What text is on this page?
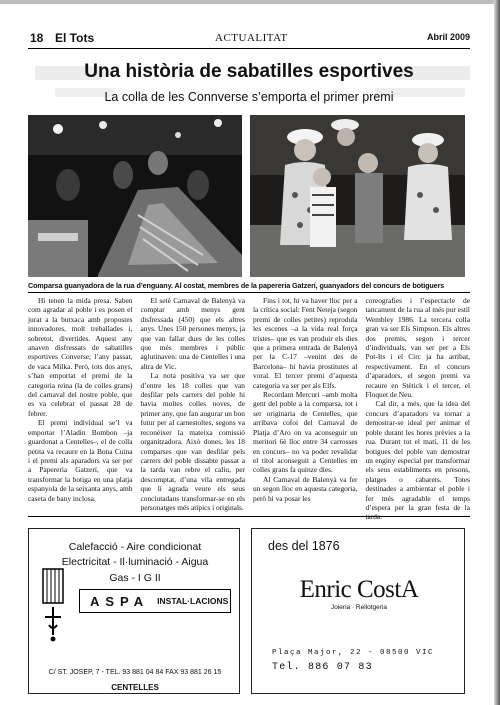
18 El Tots	ACTUALITAT	Abril 2009
Una història de sabatilles esportives
La colla de les Connverse s’emporta el primer premi
Comparsa guanyadora de la rua d’enguany. Al costat, membres de la papereria Gatzerí, guanyadors del concurs de botiguers

Hi tenen la mida presa. Saben com agradar al poble i es posen el jurat a la butxaca amb propostes innovadores, molt treballades i, sobretot, divertides. Aquest any anaven disfressats de sabatilles esportives Converse; l’any passat, de vaca Milka. Però, tots dos anys, s’han emportat el premi de la categoria reina (la de colles grans) del carnaval del nostre poble, que es va celebrar el passat 28 de febrer.

El premi individual se’l va emportar l’Aladin Bombon –ja guardonat a Centelles–, el de colla petita va recaure en la Bona Cuina i el premi als aparadors va ser per a Papereria Gatzerí, que va transformar la botiga en una platja espanyola de la seixanta anys, amb caseta de bany inclosa.

El setè Carnaval de Balenyà va comptar amb menys gent disfressada (450) que els altres anys. Unes 150 persones menys, ja que van fallar dues de les colles que més membres i públic aglutinaven: una de Centelles i una altra de Vic.

La nota positiva va ser que d’entre les 18 colles que van desfilar pels carrers del poble hi havia moltes colles noves, de primer any, que fan augurar un bon futur per al carnestoltes, segons va reconèixer la mateixa comissió organitzadora. Això dones, les 18 comparses que van desfilar pels carrers del poble dissabte passat a la tarda van rebre el caliu, per descomptat, d’una vila entregada que li agrada veure els seus conciutadans transformar-se en els personatges més atípics i originals.

Fins i tot, hi va haver lloc per a la crítica social: Fent Neteja (segon premi de colles petites) reprodula les escenes –a la vida real força tristes– que es van produir els dies que a primera entrada de Balenyà per la C-17 –venint des de Barcelona– hi havia prostitutes al voral. El tercer premi d’aquesta categoria va ser per als Elfs.

Recordant Mercuri –amb molta gent del poble a la comparsa, tot i ser originaria de Centelles, que arribava cofoi del Carnaval de Platja d’Aro on va aconseguir un meritori 6è lloc entre 34 carrosses en concurs– no va poder revalidar el títol aconseguit a Centelles en colles grans fa quinze dies.

Al Carnaval de Balenyà va fer un segon lloc en aquesta categoria, però hi va posar les

coreografies i l’espectacle de tancament de la rua al més pur estil Wembley 1986. La tercera colla gran va ser Els Simpson. Els altres dos premis, segon i tercer d’individuals, van ser per a Els Pot-Its i el Circ ja ha arribat, respectivament. En el concurs d’aparadors, el segon premi va recaure en Stètick i el tercer, el Floquet de Neu.

Cal dir, a més, que la idea del concurs d’aparadors va tornar a demostrar-se ideal per animar el poble durant les hores prèvies a la rua. Durant tot el matí, 11 de les botigues del poble van demostrar un enginy especial per transformar els seus establiments en presons, platges o cabarets. Totes destinades a ambientar el poble i fer més agradable el temps d’espera per la gran festa de la

Calefacció - Aire condicionat
Electricitat - Il·luminació - Aigua
Gas - I G II
ASPA INSTAL·LACIONS
C/ ST. JOSEP, 7 - TEL. 93 881 04 84 FAX 93 881 26 15
CENTELLES
des del 1876
Enric CostA
Joieria · Rellotgeria
Plaça Major, 22 - 08500 VIC
Tel. 886 07 83
